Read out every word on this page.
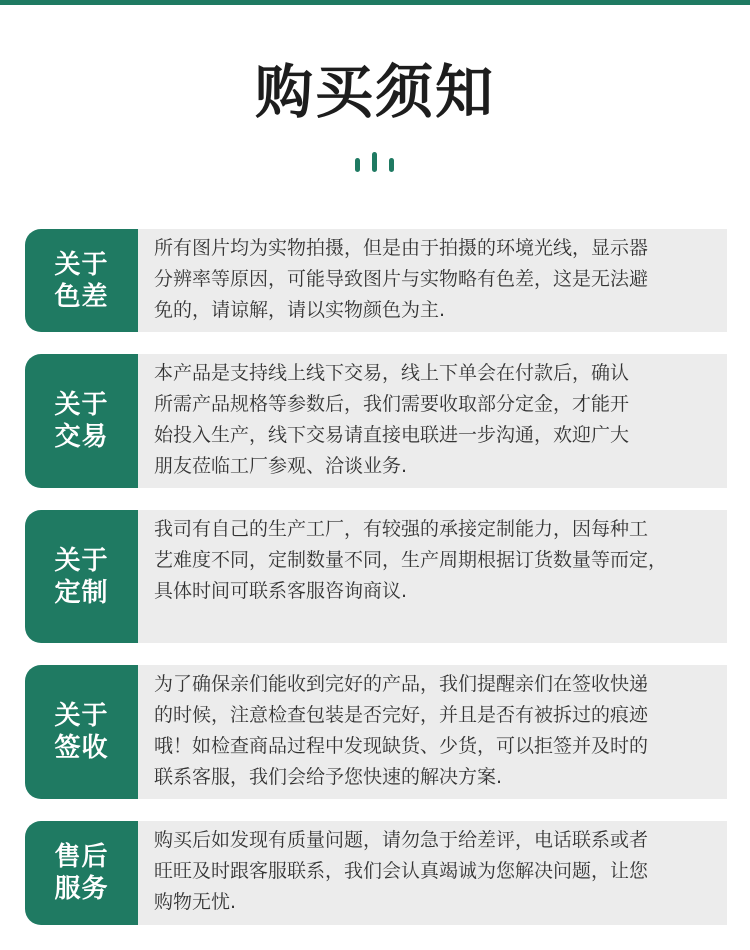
购买须知
关于
色差
所有图片均为实物拍摄，但是由于拍摄的环境光线，显示器
分辨率等原因，可能导致图片与实物略有色差，这是无法避
免的，请谅解，请以实物颜色为主.
关于
交易
本产品是支持线上线下交易，线上下单会在付款后，确认
所需产品规格等参数后，我们需要收取部分定金，才能开
始投入生产，线下交易请直接电联进一步沟通，欢迎广大
朋友莅临工厂参观、洽谈业务.
关于
定制
我司有自己的生产工厂，有较强的承接定制能力，因每种工
艺难度不同，定制数量不同，生产周期根据订货数量等而定，
具体时间可联系客服咨询商议.
关于
签收
为了确保亲们能收到完好的产品，我们提醒亲们在签收快递
的时候，注意检查包装是否完好，并且是否有被拆过的痕迹
哦！如检查商品过程中发现缺货、少货，可以拒签并及时的
联系客服，我们会给予您快速的解决方案.
售后
服务
购买后如发现有质量问题，请勿急于给差评，电话联系或者
旺旺及时跟客服联系，我们会认真竭诚为您解决问题，让您
购物无忧.
